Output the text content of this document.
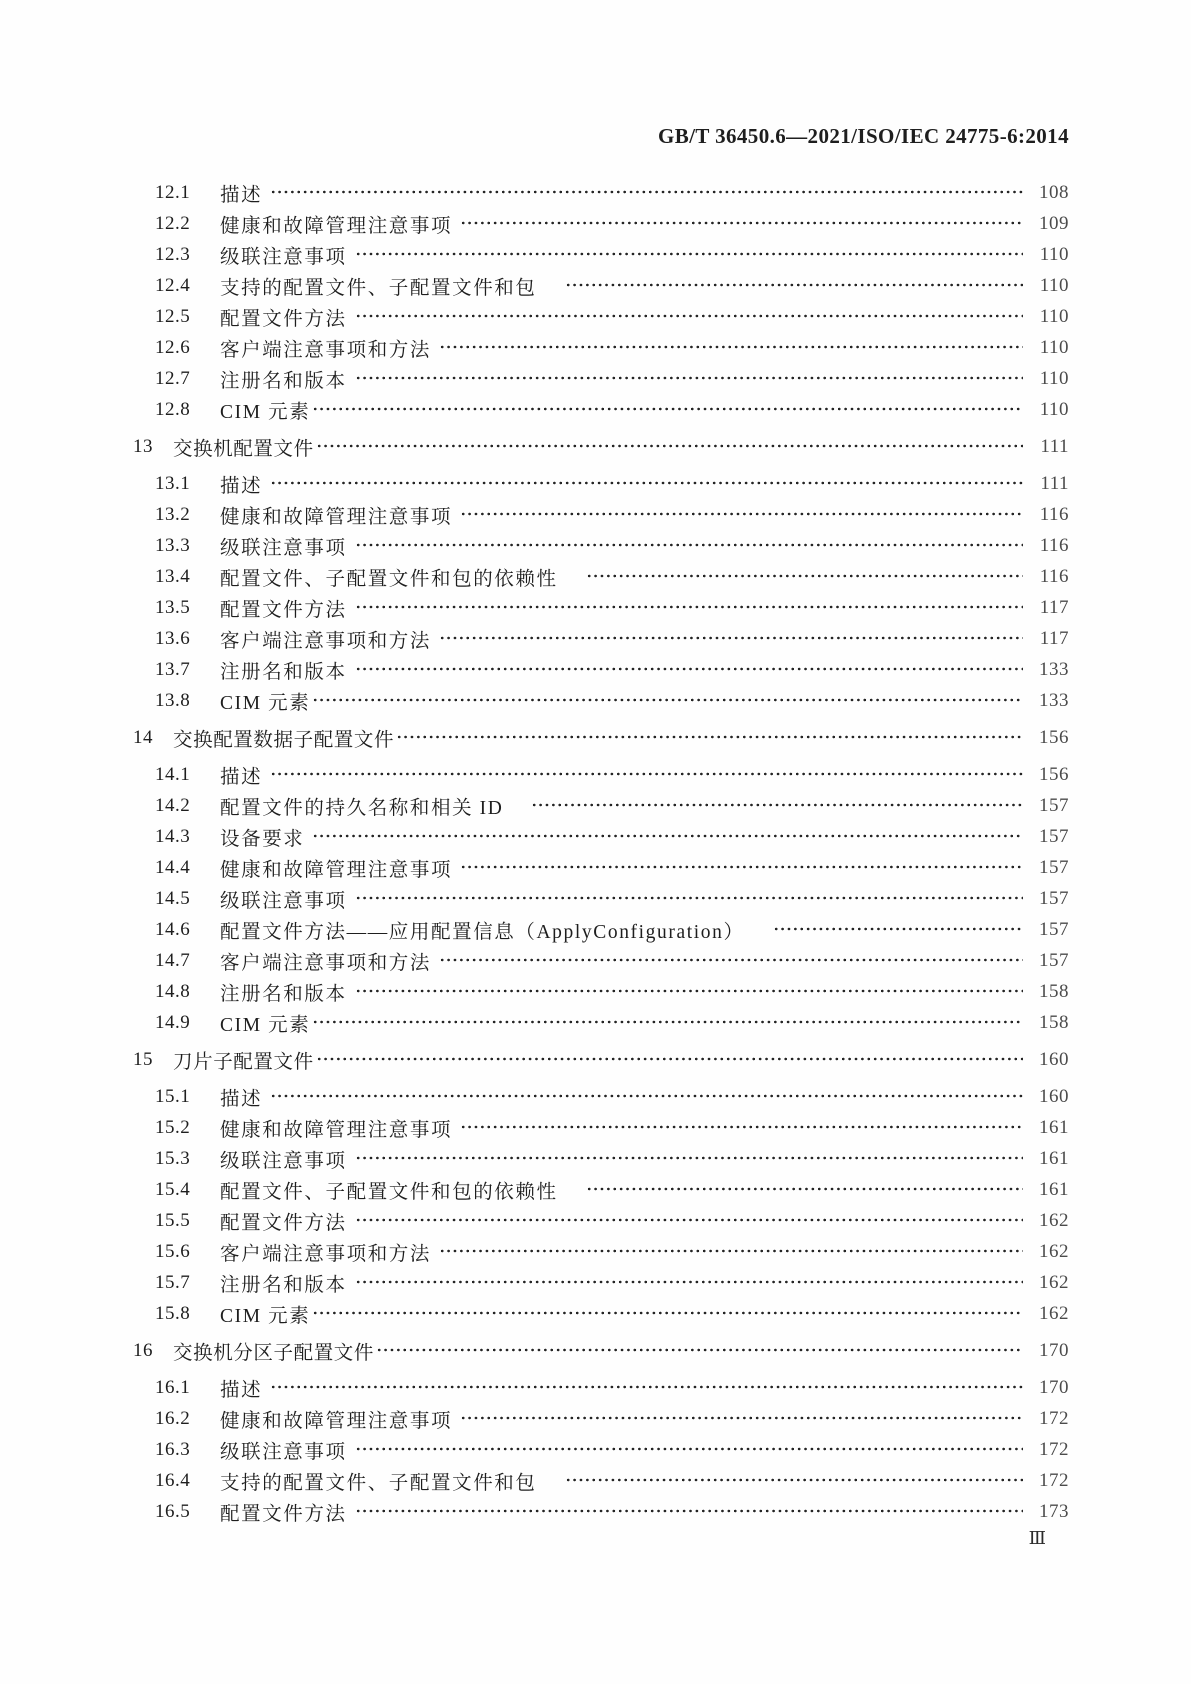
GB/T 36450.6—2021/ISO/IEC 24775-6:2014
12.1	描述	108
12.2	健康和故障管理注意事项	109
12.3	级联注意事项	110
12.4	支持的配置文件、子配置文件和包	110
12.5	配置文件方法	110
12.6	客户端注意事项和方法	110
12.7	注册名和版本	110
12.8	CIM 元素	110
13	交换机配置文件	111
13.1	描述	111
13.2	健康和故障管理注意事项	116
13.3	级联注意事项	116
13.4	配置文件、子配置文件和包的依赖性	116
13.5	配置文件方法	117
13.6	客户端注意事项和方法	117
13.7	注册名和版本	133
13.8	CIM 元素	133
14	交换配置数据子配置文件	156
14.1	描述	156
14.2	配置文件的持久名称和相关 ID	157
14.3	设备要求	157
14.4	健康和故障管理注意事项	157
14.5	级联注意事项	157
14.6	配置文件方法——应用配置信息（ApplyConfiguration）	157
14.7	客户端注意事项和方法	157
14.8	注册名和版本	158
14.9	CIM 元素	158
15	刀片子配置文件	160
15.1	描述	160
15.2	健康和故障管理注意事项	161
15.3	级联注意事项	161
15.4	配置文件、子配置文件和包的依赖性	161
15.5	配置文件方法	162
15.6	客户端注意事项和方法	162
15.7	注册名和版本	162
15.8	CIM 元素	162
16	交换机分区子配置文件	170
16.1	描述	170
16.2	健康和故障管理注意事项	172
16.3	级联注意事项	172
16.4	支持的配置文件、子配置文件和包	172
16.5	配置文件方法	173
Ⅲ
